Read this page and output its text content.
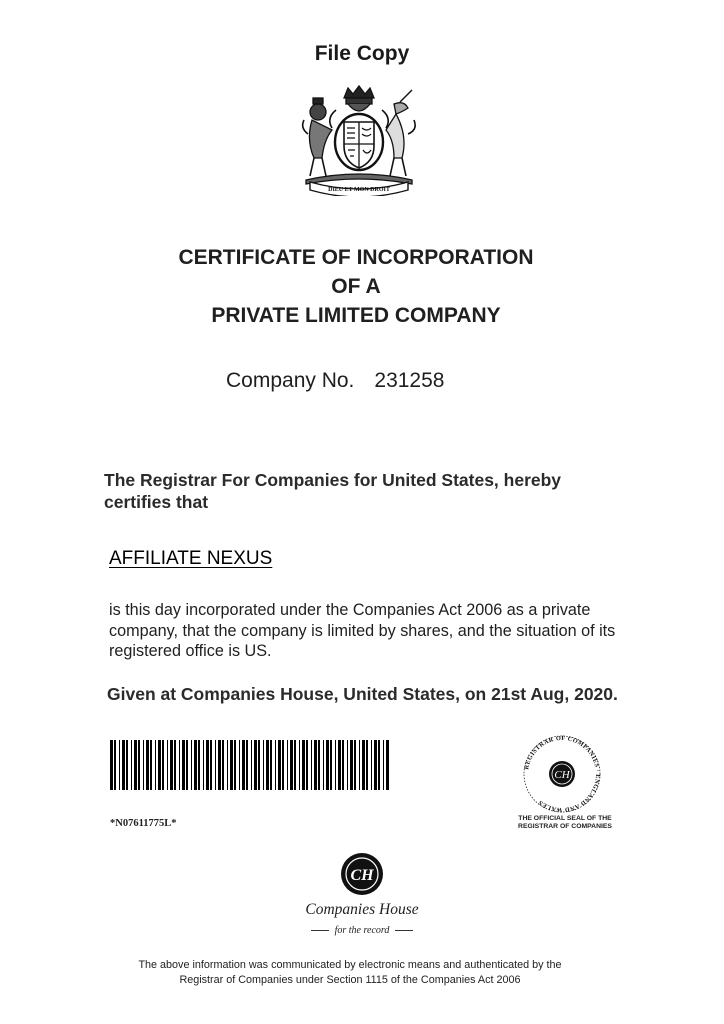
File Copy
DIEU ET MON DROIT
CERTIFICATE OF INCORPORATION
OF A
PRIVATE LIMITED COMPANY
Company No. 231258
The Registrar For Companies for United States, hereby certifies that
AFFILIATE NEXUS
is this day incorporated under the Companies Act 2006 as a private company, that the company is limited by shares, and the situation of its registered office is US.
Given at Companies House, United States, on 21st Aug, 2020.
*N07611775L*
REGISTRAR OF COMPANIES · ENGLAND AND WALES
CH
THE OFFICIAL SEAL OF THE
REGISTRAR OF COMPANIES
CH
Companies House
for the record
The above information was communicated by electronic means and authenticated by the
Registrar of Companies under Section 1115 of the Companies Act 2006
